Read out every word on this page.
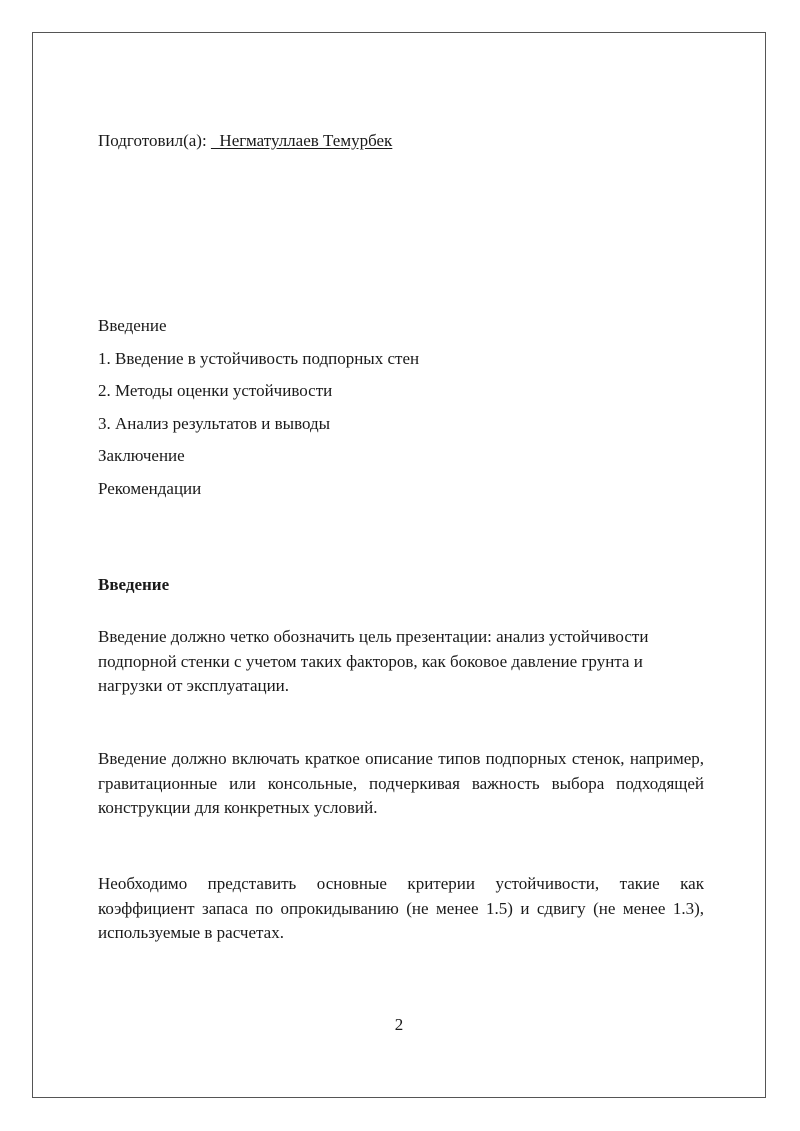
Подготовил(а):   Негматуллаев Темурбек
Введение
1. Введение в устойчивость подпорных стен
2. Методы оценки устойчивости
3. Анализ результатов и выводы
Заключение
Рекомендации
Введение

Введение должно четко обозначить цель презентации: анализ устойчивости подпорной стенки с учетом таких факторов, как боковое давление грунта и нагрузки от эксплуатации.

Введение должно включать краткое описание типов подпорных стенок, например, гравитационные или консольные, подчеркивая важность выбора подходящей конструкции для конкретных условий.

Необходимо представить основные критерии устойчивости, такие как коэффициент запаса по опрокидыванию (не менее 1.5) и сдвигу (не менее 1.3), используемые в расчетах.

2
